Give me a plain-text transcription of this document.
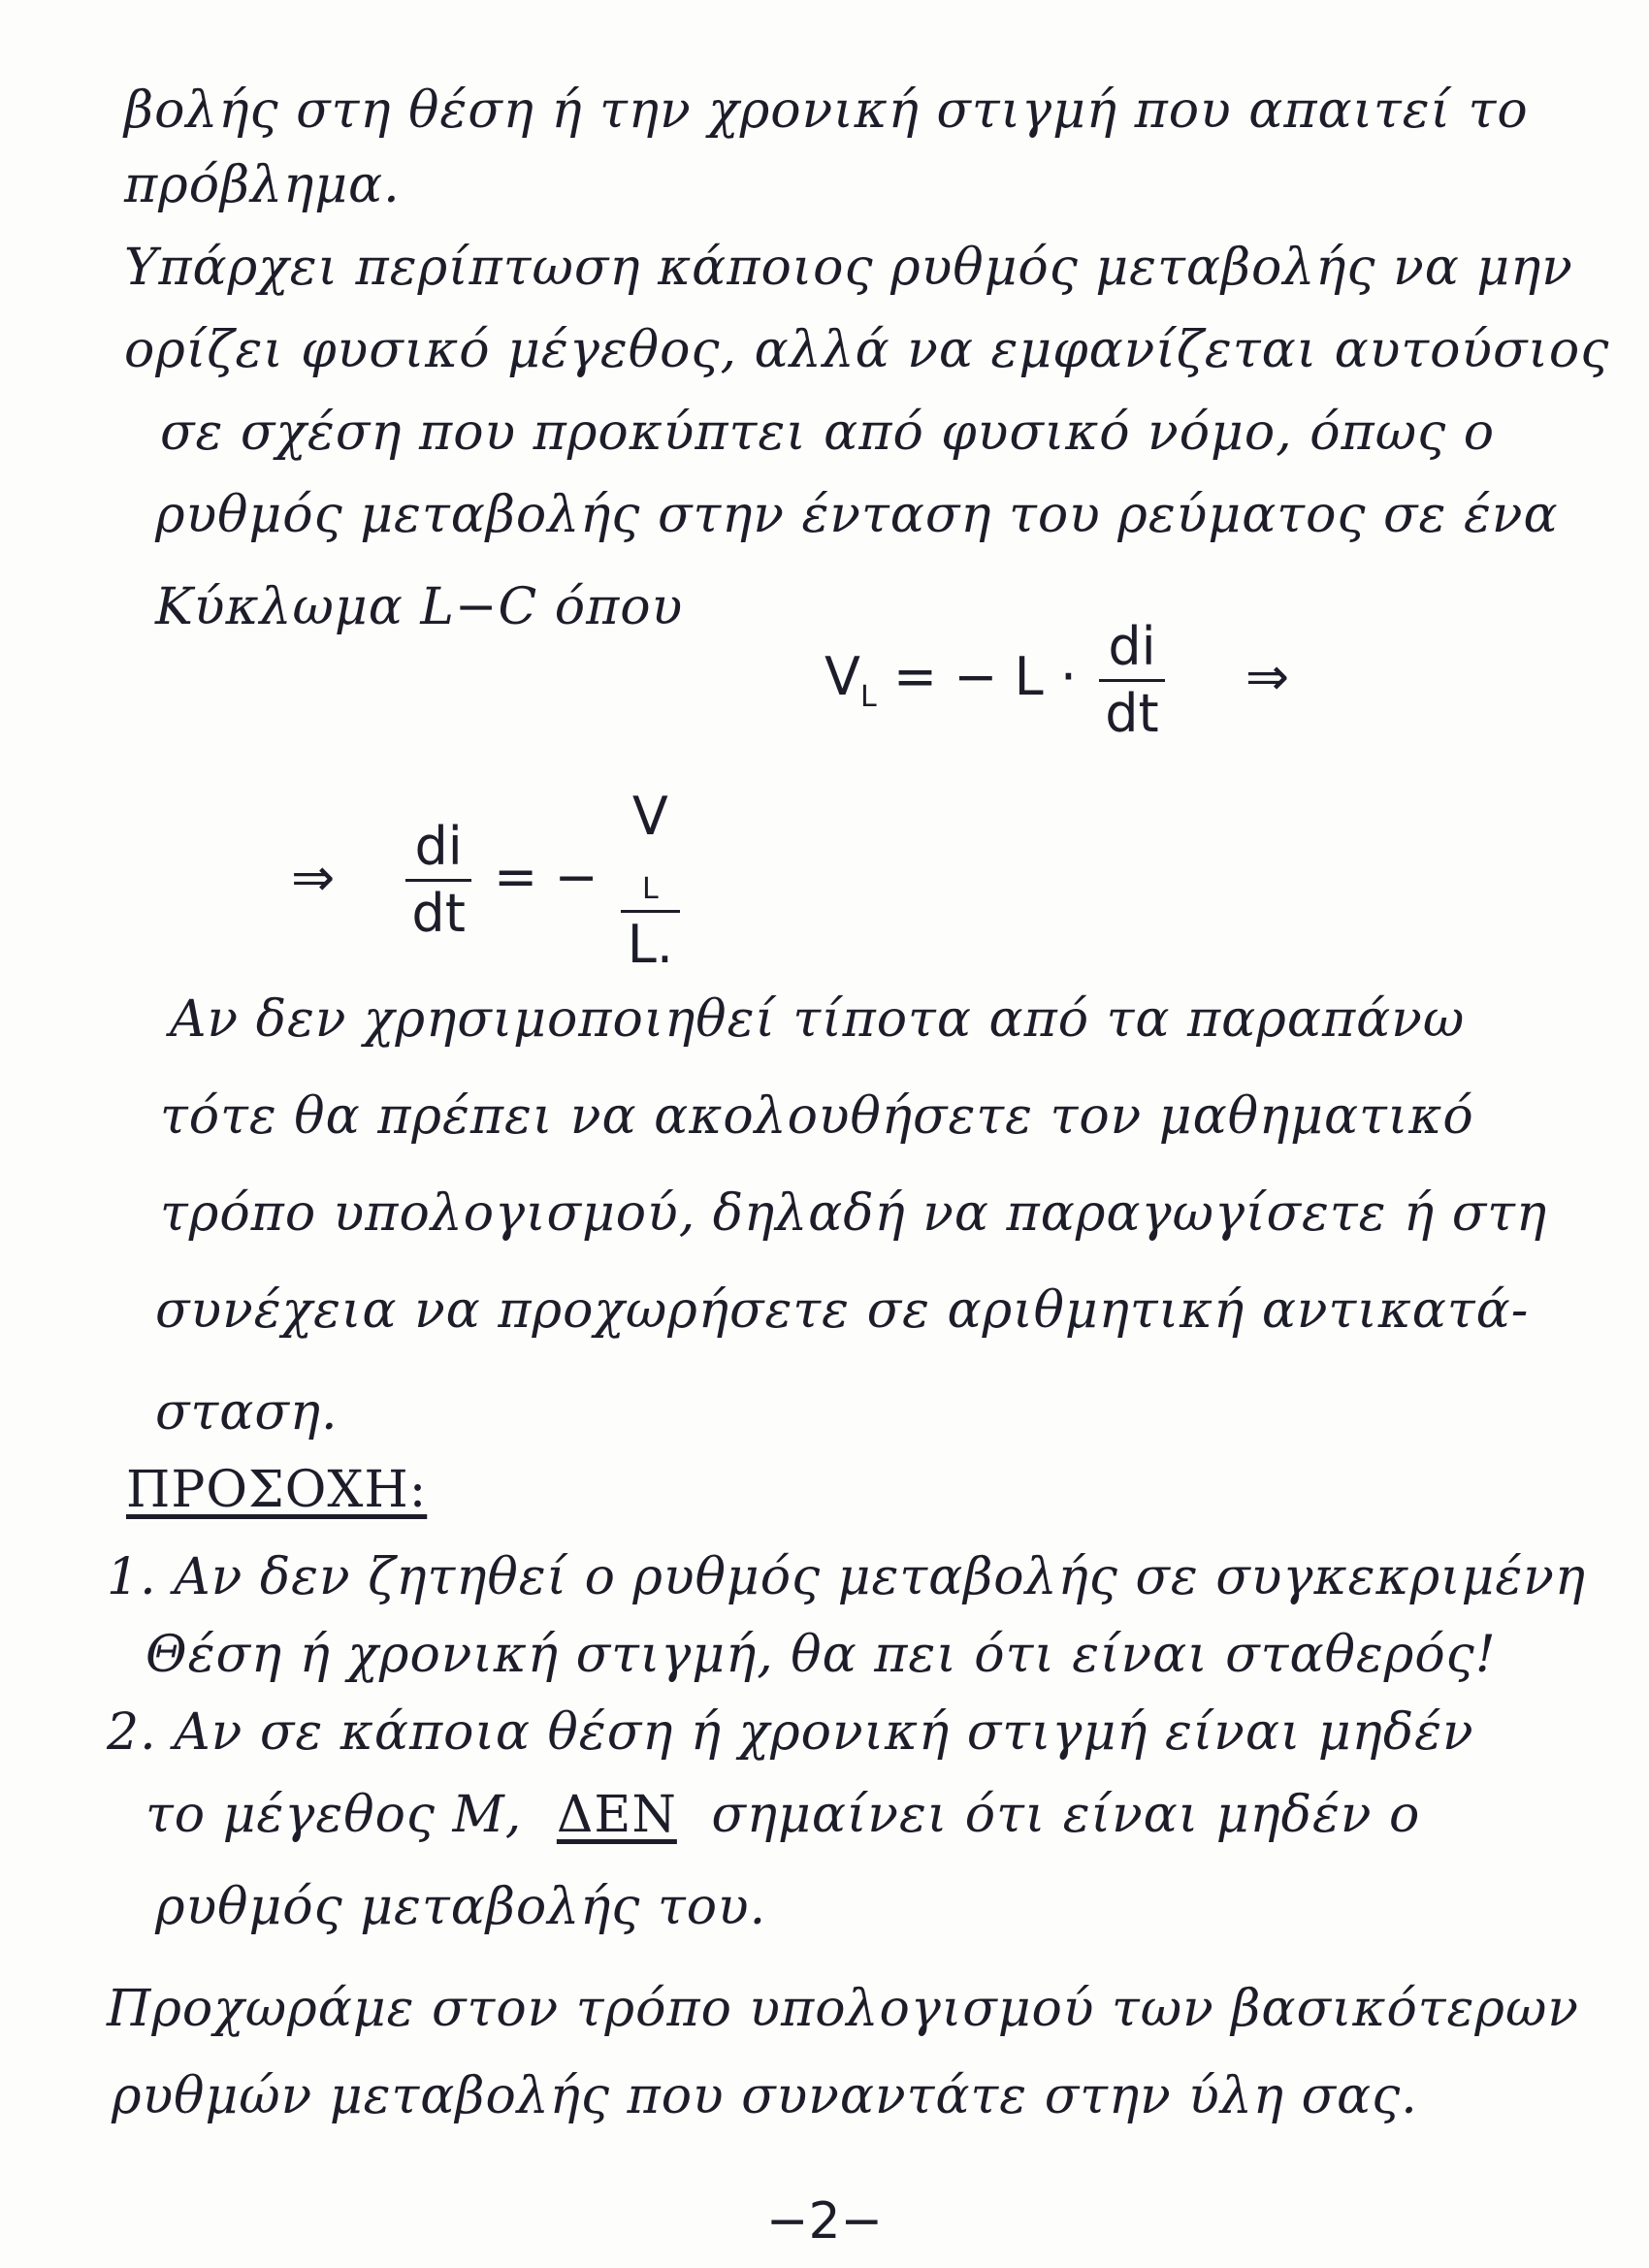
βολής στη θέση ή την χρονική στιγμή που απαιτεί το
πρόβλημα.
Υπάρχει περίπτωση κάποιος ρυθμός μεταβολής να μην
ορίζει φυσικό μέγεθος, αλλά να εμφανίζεται αυτούσιος
σε σχέση που προκύπτει από φυσικό νόμο, όπως ο
ρυθμός μεταβολής στην ένταση του ρεύματος σε ένα
Κύκλωμα L−C όπου
$V_L$ = − $L \cdot \frac{di}{dt}$ ⇒
⇒ $\frac{di}{dt}$ = − V
$_L$
L.
Αν δεν χρησιμοποιηθεί τίποτα από τα παραπάνω
τότε θα πρέπει να ακολουθήσετε τον μαθηματικό
τρόπο υπολογισμού, δηλαδή να παραγωγίσετε ή στη
συνέχεια να προχωρήσετε σε αριθμητική αντικατά-
σταση.
ΠΡΟΣΟΧΗ:
1. Αν δεν ζητηθεί ο ρυθμός μεταβολής σε συγκεκριμένη
Θέση ή χρονική στιγμή, θα πει ότι είναι σταθερός!
2. Αν σε κάποια θέση ή χρονική στιγμή είναι μηδέν
το μέγεθος Μ, ΔΕΝ σημαίνει ότι είναι μηδέν ο
ρυθμός μεταβολής του.
Προχωράμε στον τρόπο υπολογισμού των βασικότερων
ρυθμών μεταβολής που συναντάτε στην ύλη σας.
−2−
